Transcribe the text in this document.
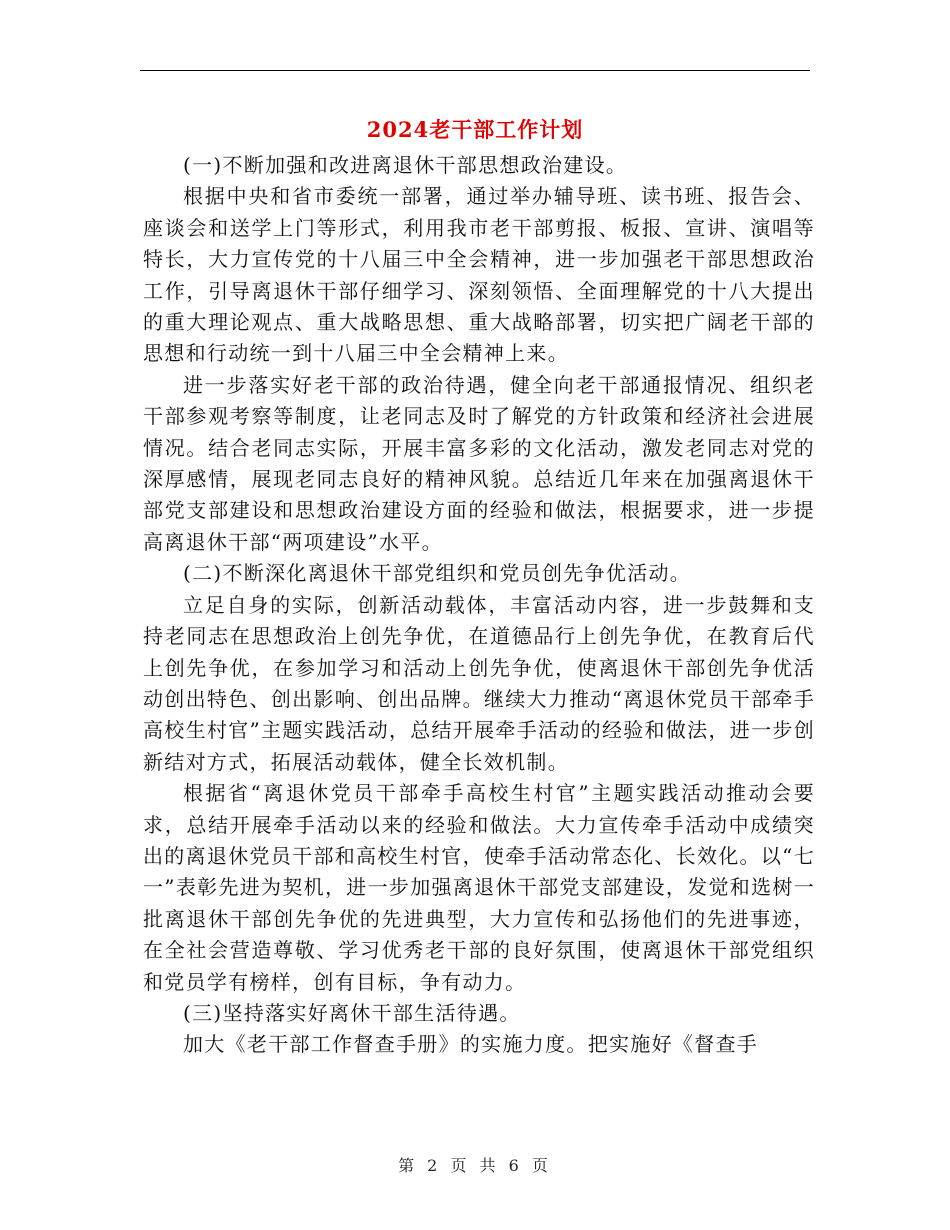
2024老干部工作计划

(一)不断加强和改进离退休干部思想政治建设。

根据中央和省市委统一部署，通过举办辅导班、读书班、报告会、座谈会和送学上门等形式，利用我市老干部剪报、板报、宣讲、演唱等特长，大力宣传党的十八届三中全会精神，进一步加强老干部思想政治工作，引导离退休干部仔细学习、深刻领悟、全面理解党的十八大提出的重大理论观点、重大战略思想、重大战略部署，切实把广阔老干部的思想和行动统一到十八届三中全会精神上来。

进一步落实好老干部的政治待遇，健全向老干部通报情况、组织老干部参观考察等制度，让老同志及时了解党的方针政策和经济社会进展情况。结合老同志实际，开展丰富多彩的文化活动，激发老同志对党的深厚感情，展现老同志良好的精神风貌。总结近几年来在加强离退休干部党支部建设和思想政治建设方面的经验和做法，根据要求，进一步提高离退休干部“两项建设”水平。

(二)不断深化离退休干部党组织和党员创先争优活动。

立足自身的实际，创新活动载体，丰富活动内容，进一步鼓舞和支持老同志在思想政治上创先争优，在道德品行上创先争优，在教育后代上创先争优，在参加学习和活动上创先争优，使离退休干部创先争优活动创出特色、创出影响、创出品牌。继续大力推动“离退休党员干部牵手高校生村官”主题实践活动，总结开展牵手活动的经验和做法，进一步创新结对方式，拓展活动载体，健全长效机制。

根据省“离退休党员干部牵手高校生村官”主题实践活动推动会要求，总结开展牵手活动以来的经验和做法。大力宣传牵手活动中成绩突出的离退休党员干部和高校生村官，使牵手活动常态化、长效化。以“七一”表彰先进为契机，进一步加强离退休干部党支部建设，发觉和选树一批离退休干部创先争优的先进典型，大力宣传和弘扬他们的先进事迹，在全社会营造尊敬、学习优秀老干部的良好氛围，使离退休干部党组织和党员学有榜样，创有目标，争有动力。

(三)坚持落实好离休干部生活待遇。

加大《老干部工作督查手册》的实施力度。把实施好《督查手

第 2 页 共 6 页
